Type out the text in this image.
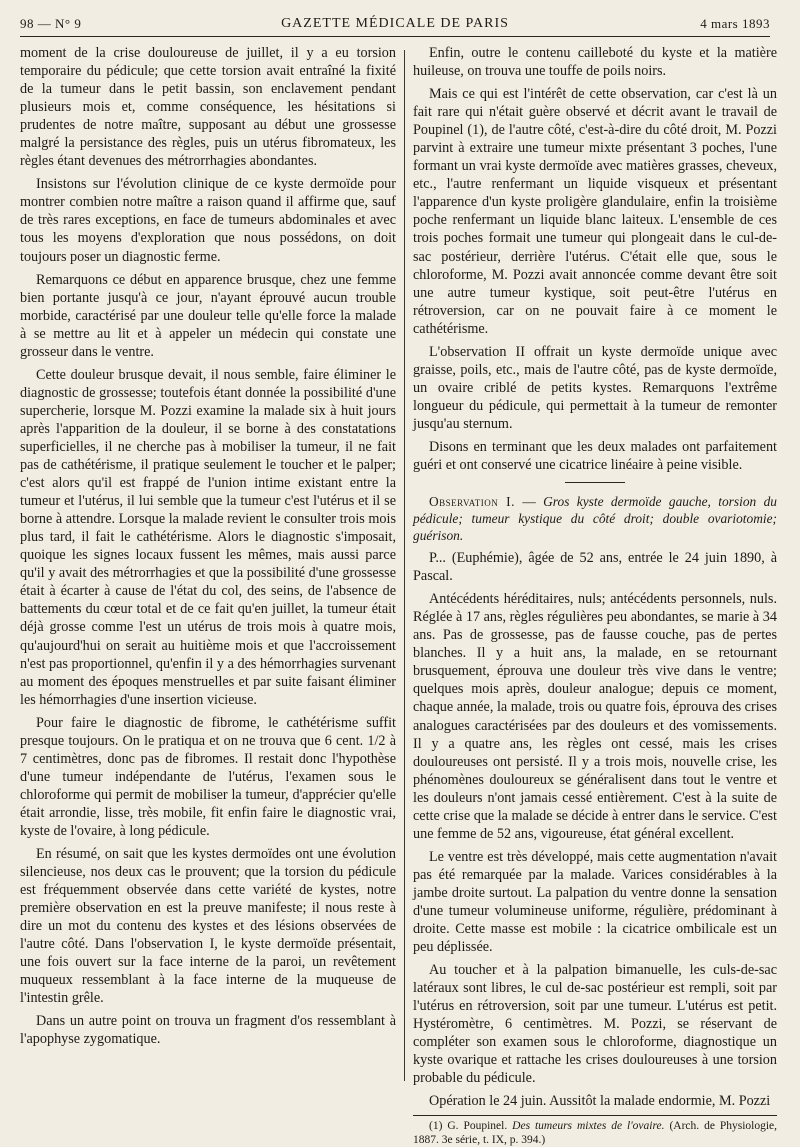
98 — N° 9	GAZETTE MÉDICALE DE PARIS	4 mars 1893

moment de la crise douloureuse de juillet, il y a eu torsion temporaire du pédicule; que cette torsion avait entraîné la fixité de la tumeur dans le petit bassin, son enclavement pendant plusieurs mois et, comme conséquence, les hésitations si prudentes de notre maître, supposant au début une grossesse malgré la persistance des règles, puis un utérus fibromateux, les règles étant devenues des métrorrhagies abondantes.

Insistons sur l'évolution clinique de ce kyste dermoïde pour montrer combien notre maître a raison quand il affirme que, sauf de très rares exceptions, en face de tumeurs abdominales et avec tous les moyens d'exploration que nous possédons, on doit toujours poser un diagnostic ferme.

Remarquons ce début en apparence brusque, chez une femme bien portante jusqu'à ce jour, n'ayant éprouvé aucun trouble morbide, caractérisé par une douleur telle qu'elle force la malade à se mettre au lit et à appeler un médecin qui constate une grosseur dans le ventre.

Cette douleur brusque devait, il nous semble, faire éliminer le diagnostic de grossesse; toutefois étant donnée la possibilité d'une supercherie, lorsque M. Pozzi examine la malade six à huit jours après l'apparition de la douleur, il se borne à des constatations superficielles, il ne cherche pas à mobiliser la tumeur, il ne fait pas de cathétérisme, il pratique seulement le toucher et le palper; c'est alors qu'il est frappé de l'union intime existant entre la tumeur et l'utérus, il lui semble que la tumeur c'est l'utérus et il se borne à attendre. Lorsque la malade revient le consulter trois mois plus tard, il fait le cathétérisme. Alors le diagnostic s'imposait, quoique les signes locaux fussent les mêmes, mais aussi parce qu'il y avait des métrorrhagies et que la possibilité d'une grossesse était à écarter à cause de l'état du col, des seins, de l'absence de battements du cœur total et de ce fait qu'en juillet, la tumeur était déjà grosse comme l'est un utérus de trois mois à quatre mois, qu'aujourd'hui on serait au huitième mois et que l'accroissement n'est pas proportionnel, qu'enfin il y a des hémorrhagies survenant au moment des époques menstruelles et par suite faisant éliminer les hémorrhagies d'une insertion vicieuse.

Pour faire le diagnostic de fibrome, le cathétérisme suffit presque toujours. On le pratiqua et on ne trouva que 6 cent. 1/2 à 7 centimètres, donc pas de fibromes. Il restait donc l'hypothèse d'une tumeur indépendante de l'utérus, l'examen sous le chloroforme qui permit de mobiliser la tumeur, d'apprécier qu'elle était arrondie, lisse, très mobile, fit enfin faire le diagnostic vrai, kyste de l'ovaire, à long pédicule.

En résumé, on sait que les kystes dermoïdes ont une évolution silencieuse, nos deux cas le prouvent; que la torsion du pédicule est fréquemment observée dans cette variété de kystes, notre première observation en est la preuve manifeste; il nous reste à dire un mot du contenu des kystes et des lésions observées de l'autre côté. Dans l'observation I, le kyste dermoïde présentait, une fois ouvert sur la face interne de la paroi, un revêtement muqueux ressemblant à la face interne de la muqueuse de l'intestin grêle.

Dans un autre point on trouva un fragment d'os ressemblant à l'apophyse zygomatique.

Enfin, outre le contenu cailleboté du kyste et la matière huileuse, on trouva une touffe de poils noirs.

Mais ce qui est l'intérêt de cette observation, car c'est là un fait rare qui n'était guère observé et décrit avant le travail de Poupinel (1), de l'autre côté, c'est-à-dire du côté droit, M. Pozzi parvint à extraire une tumeur mixte présentant 3 poches, l'une formant un vrai kyste dermoïde avec matières grasses, cheveux, etc., l'autre renfermant un liquide visqueux et présentant l'apparence d'un kyste proligère glandulaire, enfin la troisième poche renfermant un liquide blanc laiteux. L'ensemble de ces trois poches formait une tumeur qui plongeait dans le cul-de-sac postérieur, derrière l'utérus. C'était elle que, sous le chloroforme, M. Pozzi avait annoncée comme devant être soit une autre tumeur kystique, soit peut-être l'utérus en rétroversion, car on ne pouvait faire à ce moment le cathétérisme.

L'observation II offrait un kyste dermoïde unique avec graisse, poils, etc., mais de l'autre côté, pas de kyste dermoïde, un ovaire criblé de petits kystes. Remarquons l'extrême longueur du pédicule, qui permettait à la tumeur de remonter jusqu'au sternum.

Disons en terminant que les deux malades ont parfaitement guéri et ont conservé une cicatrice linéaire à peine visible.

Observation I. — Gros kyste dermoïde gauche, torsion du pédicule; tumeur kystique du côté droit; double ovariotomie; guérison.

P... (Euphémie), âgée de 52 ans, entrée le 24 juin 1890, à Pascal.

Antécédents héréditaires, nuls; antécédents personnels, nuls. Réglée à 17 ans, règles régulières peu abondantes, se marie à 34 ans. Pas de grossesse, pas de fausse couche, pas de pertes blanches. Il y a huit ans, la malade, en se retournant brusquement, éprouva une douleur très vive dans le ventre; quelques mois après, douleur analogue; depuis ce moment, chaque année, la malade, trois ou quatre fois, éprouva des crises analogues caractérisées par des douleurs et des vomissements. Il y a quatre ans, les règles ont cessé, mais les crises douloureuses ont persisté. Il y a trois mois, nouvelle crise, les phénomènes douloureux se généralisent dans tout le ventre et les douleurs n'ont jamais cessé entièrement. C'est à la suite de cette crise que la malade se décide à entrer dans le service. C'est une femme de 52 ans, vigoureuse, état général excellent.

Le ventre est très développé, mais cette augmentation n'avait pas été remarquée par la malade. Varices considérables à la jambe droite surtout. La palpation du ventre donne la sensation d'une tumeur volumineuse uniforme, régulière, prédominant à droite. Cette masse est mobile : la cicatrice ombilicale est un peu déplissée.

Au toucher et à la palpation bimanuelle, les culs-de-sac latéraux sont libres, le cul de-sac postérieur est rempli, soit par l'utérus en rétroversion, soit par une tumeur. L'utérus est petit. Hystéromètre, 6 centimètres. M. Pozzi, se réservant de compléter son examen sous le chloroforme, diagnostique un kyste ovarique et rattache les crises douloureuses à une torsion probable du pédicule.

Opération le 24 juin. Aussitôt la malade endormie, M. Pozzi

(1) G. Poupinel. Des tumeurs mixtes de l'ovaire. (Arch. de Physiologie, 1887. 3e série, t. IX, p. 394.)
